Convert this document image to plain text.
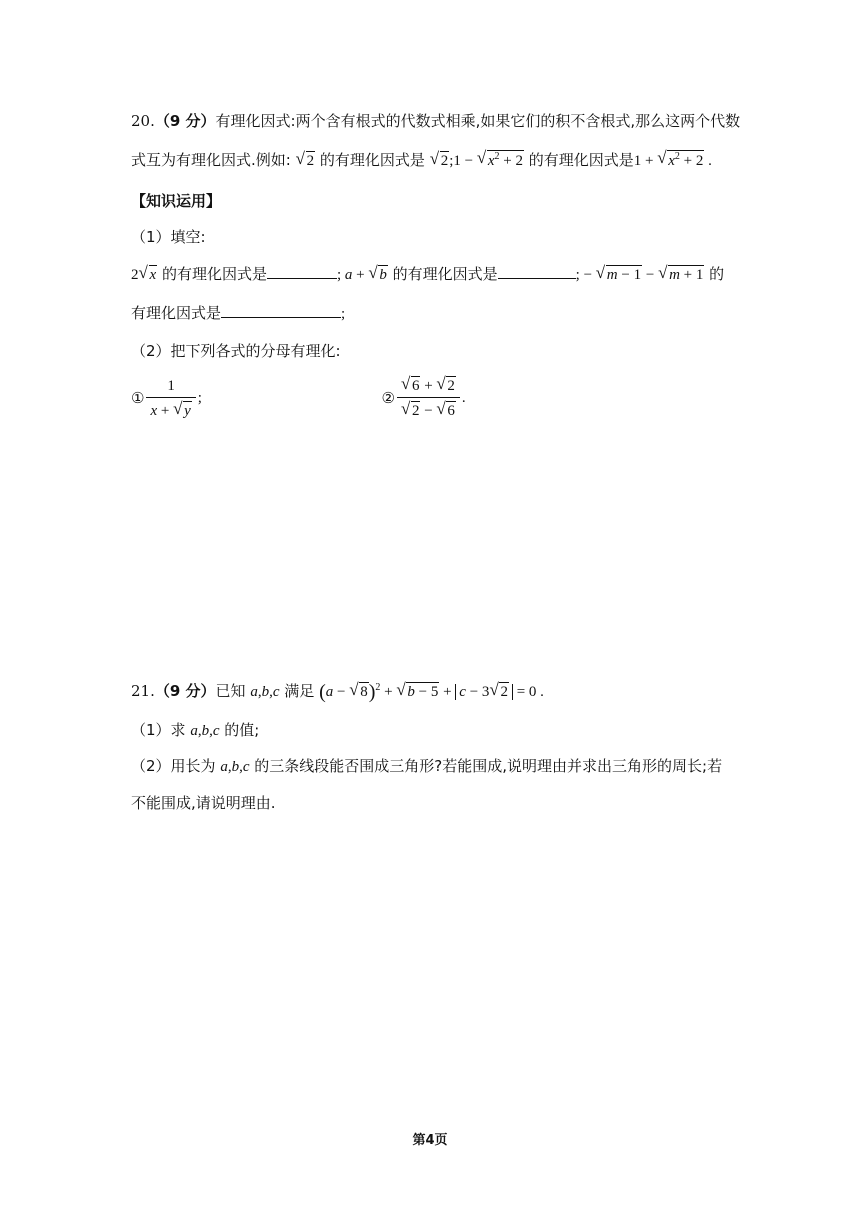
20.（9 分）有理化因式:两个含有根式的代数式相乘,如果它们的积不含根式,那么这两个代数
式互为有理化因式.例如: √ 2 的有理化因式是 √ 2;1 − √ $x^2 + 2$ 的有理化因式是1 + √ $x^2 + 2$ .
【知识运用】
（1）填空:
2 √ x 的有理化因式是	; a + √ b 的有理化因式是	; − √ m − 1 − √ m + 1 的
有理化因式是	;
（2）把下列各式的分母有理化:
① $\frac{1}{x + √ y}$ ;	② $\frac{√ 6 + √ 2}{√ 2 - √ 6}$ .
21.（9 分）已知 a,b,c 满足 (a − √ 8)$^2$ + √ b − 5 + c − 3 √ 2 = 0 .
（1）求 a,b,c 的值;
（2）用长为 a,b,c 的三条线段能否围成三角形?若能围成,说明理由并求出三角形的周长;若
不能围成,请说明理由.
第4页
